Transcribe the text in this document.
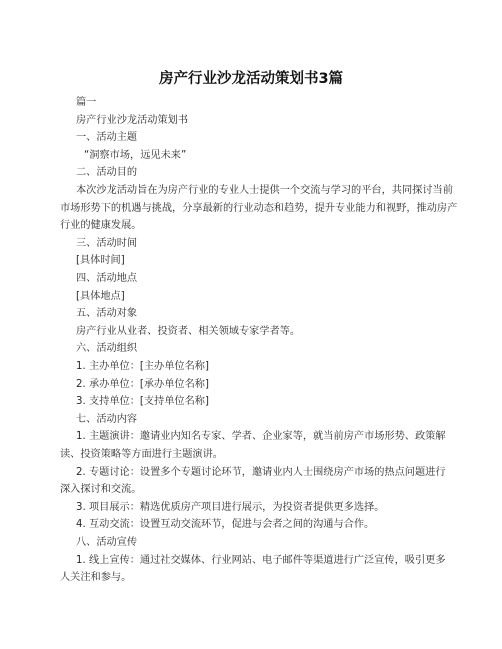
房产行业沙龙活动策划书3篇
篇一
房产行业沙龙活动策划书
一、活动主题
“洞察市场，远见未来”
二、活动目的
本次沙龙活动旨在为房产行业的专业人士提供一个交流与学习的平台，共同探讨当前
市场形势下的机遇与挑战，分享最新的行业动态和趋势，提升专业能力和视野，推动房产
行业的健康发展。
三、活动时间
[具体时间]
四、活动地点
[具体地点]
五、活动对象
房产行业从业者、投资者、相关领域专家学者等。
六、活动组织
1. 主办单位：[主办单位名称]
2. 承办单位：[承办单位名称]
3. 支持单位：[支持单位名称]
七、活动内容
1. 主题演讲：邀请业内知名专家、学者、企业家等，就当前房产市场形势、政策解
读、投资策略等方面进行主题演讲。
2. 专题讨论：设置多个专题讨论环节，邀请业内人士围绕房产市场的热点问题进行
深入探讨和交流。
3. 项目展示：精选优质房产项目进行展示，为投资者提供更多选择。
4. 互动交流：设置互动交流环节，促进与会者之间的沟通与合作。
八、活动宣传
1. 线上宣传：通过社交媒体、行业网站、电子邮件等渠道进行广泛宣传，吸引更多
人关注和参与。
